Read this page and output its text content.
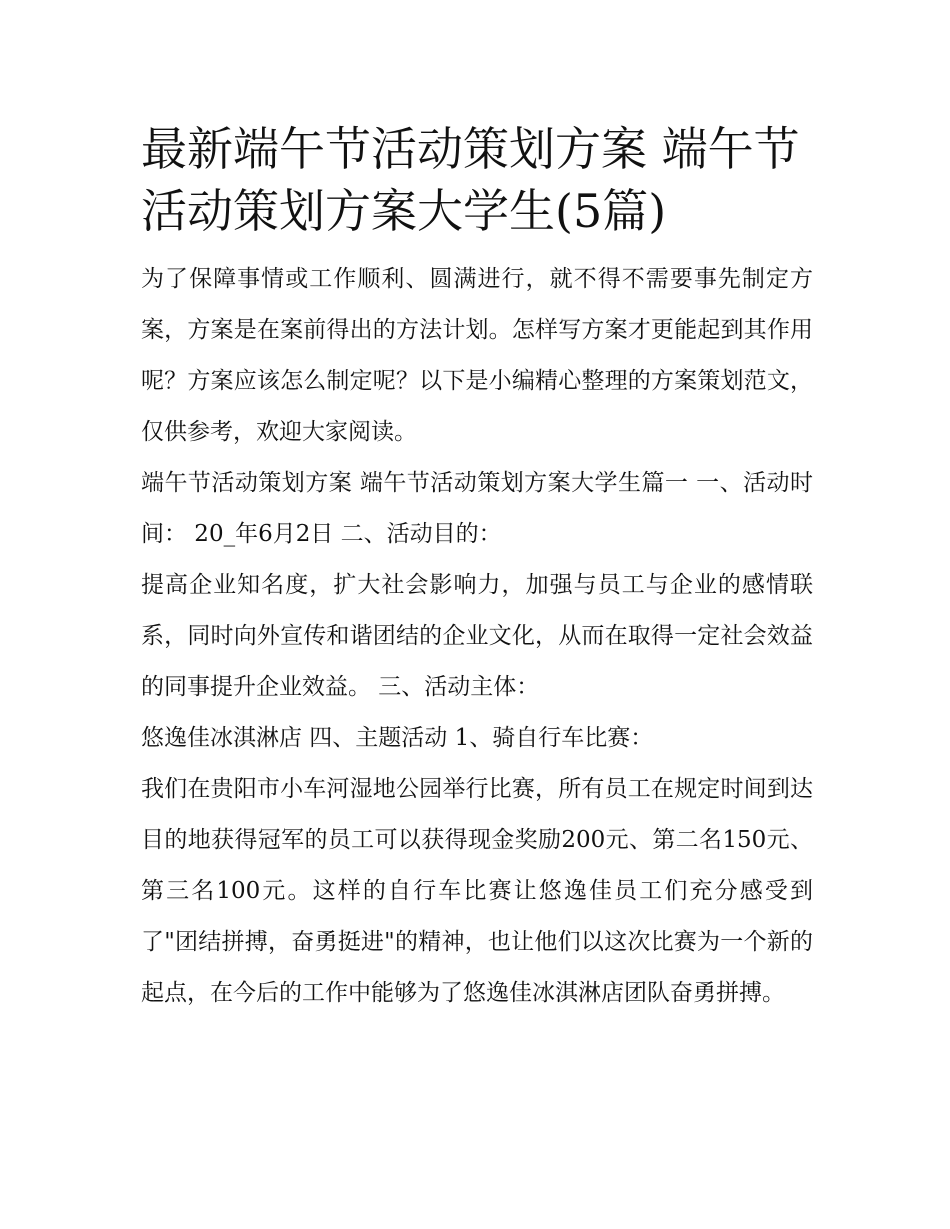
最新端午节活动策划方案 端午节活动策划方案大学生(5篇)

为了保障事情或工作顺利、圆满进行，就不得不需要事先制定方案，方案是在案前得出的方法计划。怎样写方案才更能起到其作用呢？方案应该怎么制定呢？以下是小编精心整理的方案策划范文，仅供参考，欢迎大家阅读。

端午节活动策划方案 端午节活动策划方案大学生篇一 一、活动时间： 20_年6月2日 二、活动目的：

提高企业知名度，扩大社会影响力，加强与员工与企业的感情联系，同时向外宣传和谐团结的企业文化，从而在取得一定社会效益的同事提升企业效益。 三、活动主体：

悠逸佳冰淇淋店 四、主题活动 1、骑自行车比赛：

我们在贵阳市小车河湿地公园举行比赛，所有员工在规定时间到达目的地获得冠军的员工可以获得现金奖励200元、第二名150元、第三名100元。这样的自行车比赛让悠逸佳员工们充分感受到了"团结拼搏，奋勇挺进"的精神，也让他们以这次比赛为一个新的起点，在今后的工作中能够为了悠逸佳冰淇淋店团队奋勇拼搏。
